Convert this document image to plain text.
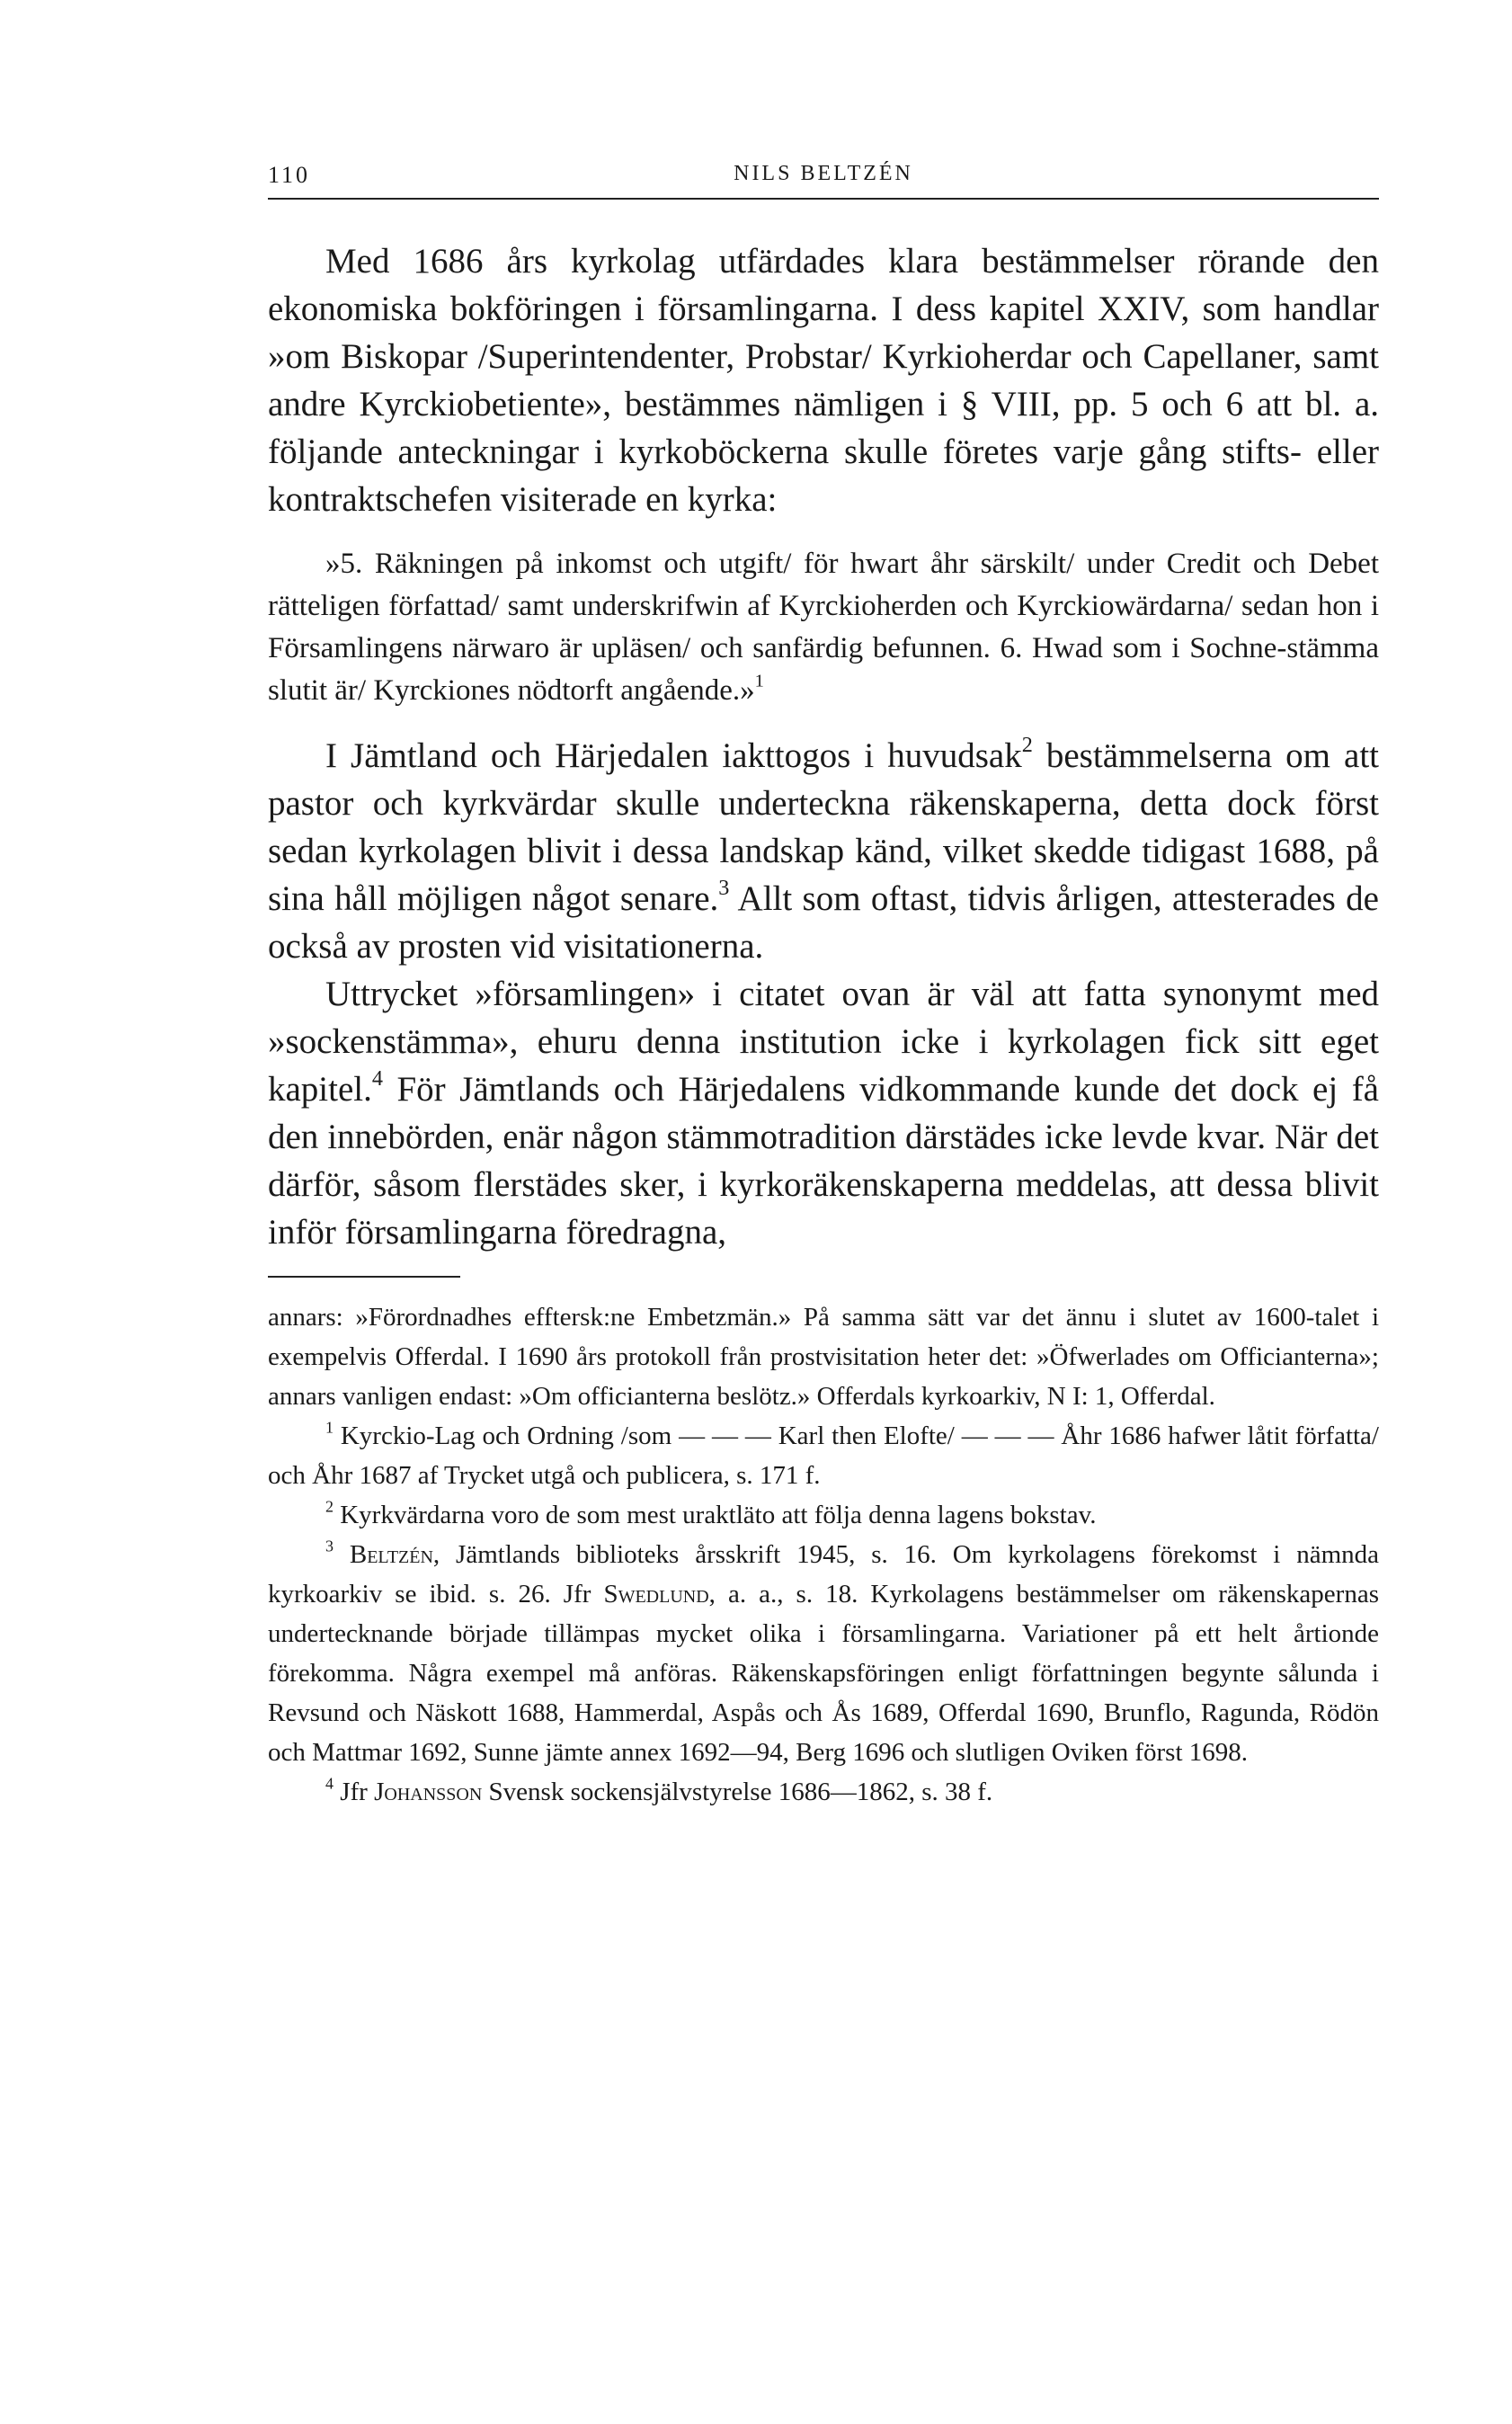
110	NILS BELTZÉN

Med 1686 års kyrkolag utfärdades klara bestämmelser rörande den ekonomiska bokföringen i församlingarna. I dess kapitel XXIV, som handlar »om Biskopar /Superintendenter, Probstar/ Kyrkioherdar och Capellaner, samt andre Kyrckiobetiente», bestämmes nämligen i § VIII, pp. 5 och 6 att bl. a. följande anteckningar i kyrkoböckerna skulle företes varje gång stifts- eller kontraktschefen visiterade en kyrka:

»5. Räkningen på inkomst och utgift/ för hwart åhr särskilt/ under Credit och Debet rätteligen författad/ samt underskrifwin af Kyrckioherden och Kyrckiowärdarna/ sedan hon i Församlingens närwaro är upläsen/ och sanfärdig befunnen. 6. Hwad som i Sochne-stämma slutit är/ Kyrckiones nödtorft angående.»$^1$

I Jämtland och Härjedalen iakttogos i huvudsak$^2$ bestämmelserna om att pastor och kyrkvärdar skulle underteckna räkenskaperna, detta dock först sedan kyrkolagen blivit i dessa landskap känd, vilket skedde tidigast 1688, på sina håll möjligen något senare.$^3$ Allt som oftast, tidvis årligen, attesterades de också av prosten vid visitationerna.

Uttrycket »församlingen» i citatet ovan är väl att fatta synonymt med »sockenstämma», ehuru denna institution icke i kyrkolagen fick sitt eget kapitel.$^4$ För Jämtlands och Härjedalens vidkommande kunde det dock ej få den innebörden, enär någon stämmotradition därstädes icke levde kvar. När det därför, såsom flerstädes sker, i kyrkoräkenskaperna meddelas, att dessa blivit inför församlingarna föredragna,

annars: »Förordnadhes efftersk:ne Embetzmän.» På samma sätt var det ännu i slutet av 1600-talet i exempelvis Offerdal. I 1690 års protokoll från prostvisitation heter det: »Öfwerlades om Officianterna»; annars vanligen endast: »Om officianterna beslötz.» Offerdals kyrkoarkiv, N I: 1, Offerdal.

$^1$ Kyrckio-Lag och Ordning /som — — — Karl then Elofte/ — — — Åhr 1686 hafwer låtit författa/ och Åhr 1687 af Trycket utgå och publicera, s. 171 f.

$^2$ Kyrkvärdarna voro de som mest uraktläto att följa denna lagens bokstav.

$^3$ Beltzén, Jämtlands biblioteks årsskrift 1945, s. 16. Om kyrkolagens förekomst i nämnda kyrkoarkiv se ibid. s. 26. Jfr Swedlund, a. a., s. 18. Kyrkolagens bestämmelser om räkenskapernas undertecknande började tillämpas mycket olika i församlingarna. Variationer på ett helt årtionde förekomma. Några exempel må anföras. Räkenskapsföringen enligt författningen begynte sålunda i Revsund och Näskott 1688, Hammerdal, Aspås och Ås 1689, Offerdal 1690, Brunflo, Ragunda, Rödön och Mattmar 1692, Sunne jämte annex 1692—94, Berg 1696 och slutligen Oviken först 1698.

$^4$ Jfr Johansson Svensk sockensjälvstyrelse 1686—1862, s. 38 f.
